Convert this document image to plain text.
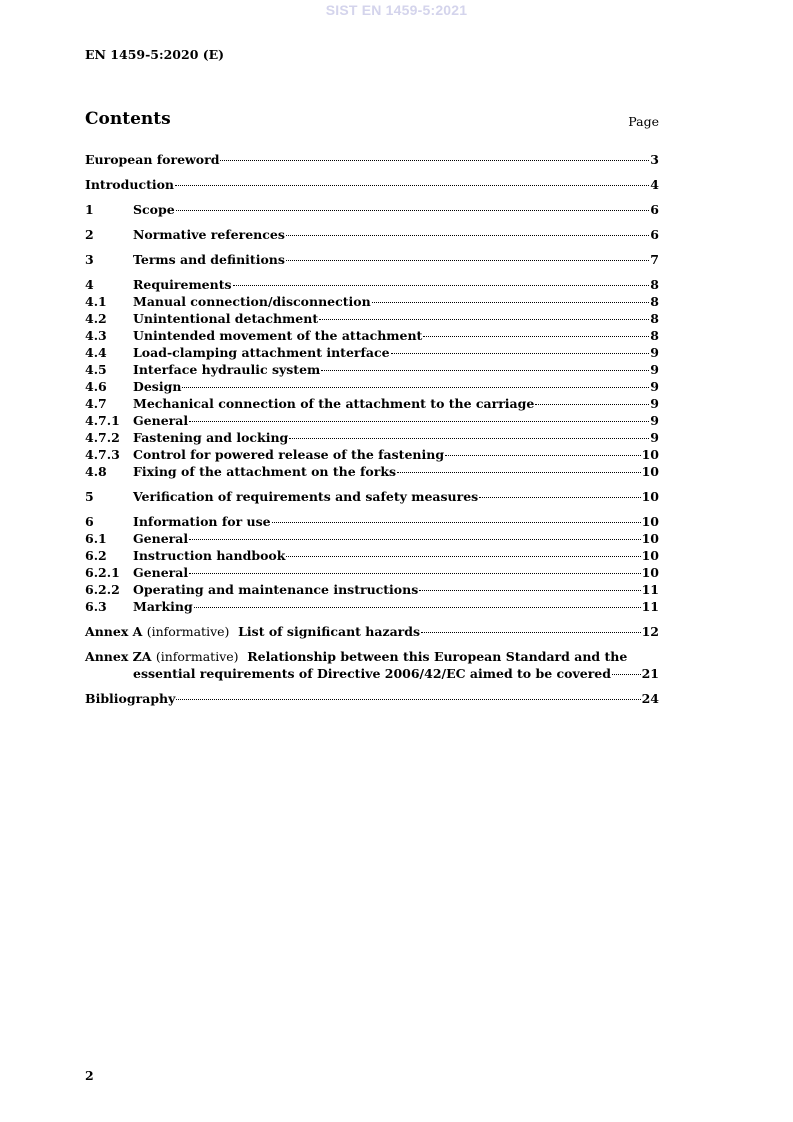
SIST EN 1459-5:2021
EN 1459-5:2020 (E)
Contents	Page
European foreword	3
Introduction	4
1	Scope	6
2	Normative references	6
3	Terms and definitions	7
4	Requirements	8
4.1	Manual connection/disconnection	8
4.2	Unintentional detachment	8
4.3	Unintended movement of the attachment	8
4.4	Load-clamping attachment interface	9
4.5	Interface hydraulic system	9
4.6	Design	9
4.7	Mechanical connection of the attachment to the carriage	9
4.7.1	General	9
4.7.2	Fastening and locking	9
4.7.3	Control for powered release of the fastening	10
4.8	Fixing of the attachment on the forks	10
5	Verification of requirements and safety measures	10
6	Information for use	10
6.1	General	10
6.2	Instruction handbook	10
6.2.1	General	10
6.2.2	Operating and maintenance instructions	11
6.3	Marking	11
Annex A (informative) List of significant hazards	12
Annex ZA (informative) Relationship between this European Standard and the
essential requirements of Directive 2006/42/EC aimed to be covered 21
Bibliography	24
2
